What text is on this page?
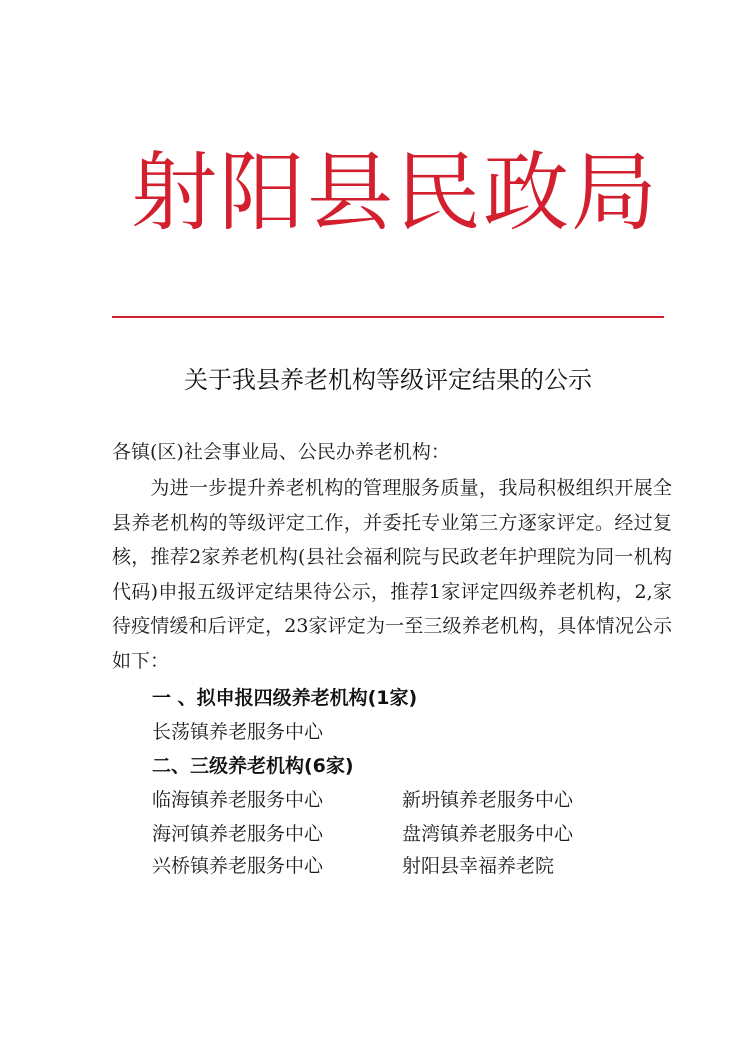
射阳县民政局
关于我县养老机构等级评定结果的公示
各镇(区)社会事业局、公民办养老机构：
为进一步提升养老机构的管理服务质量，我局积极组织开展全县养老机构的等级评定工作，并委托专业第三方逐家评定。经过复核，推荐2家养老机构(县社会福利院与民政老年护理院为同一机构代码)申报五级评定结果待公示，推荐1家评定四级养老机构，2,家待疫情缓和后评定，23家评定为一至三级养老机构，具体情况公示如下：
一 、拟申报四级养老机构(1家)
长荡镇养老服务中心
二、三级养老机构(6家)
临海镇养老服务中心	新坍镇养老服务中心
海河镇养老服务中心	盘湾镇养老服务中心
兴桥镇养老服务中心	射阳县幸福养老院
